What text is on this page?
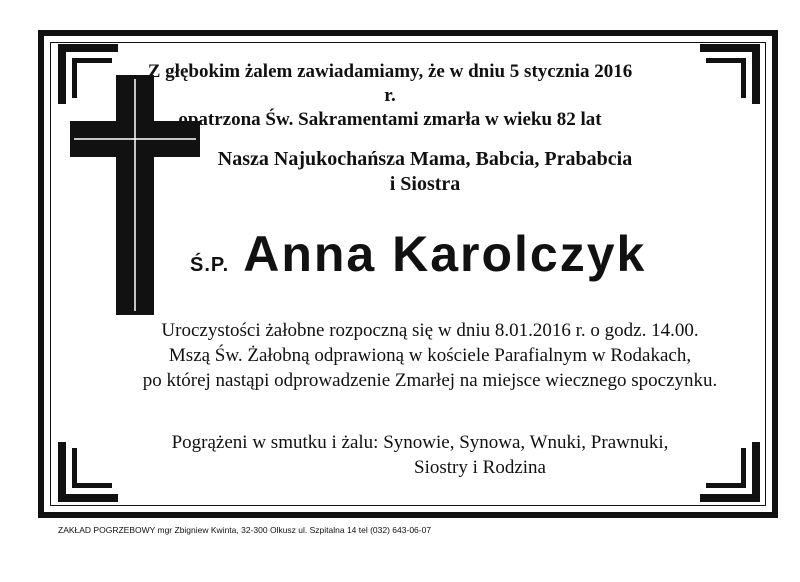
Z głębokim żalem zawiadamiamy, że w dniu 5 stycznia 2016 r.
opatrzona Św. Sakramentami zmarła w wieku 82 lat
Nasza Najukochańsza Mama, Babcia, Prababcia
i Siostra
Ś.P. Anna Karolczyk
Uroczystości żałobne rozpoczną się w dniu 8.01.2016 r. o godz. 14.00.
Mszą Św. Żałobną odprawioną w kościele Parafialnym w Rodakach,
po której nastąpi odprowadzenie Zmarłej na miejsce wiecznego spoczynku.
Pogrążeni w smutku i żalu: Synowie, Synowa, Wnuki, Prawnuki,
Siostry i Rodzina
ZAKŁAD POGRZEBOWY mgr Zbigniew Kwinta, 32-300 Olkusz ul. Szpitalna 14 tel (032) 643-06-07
